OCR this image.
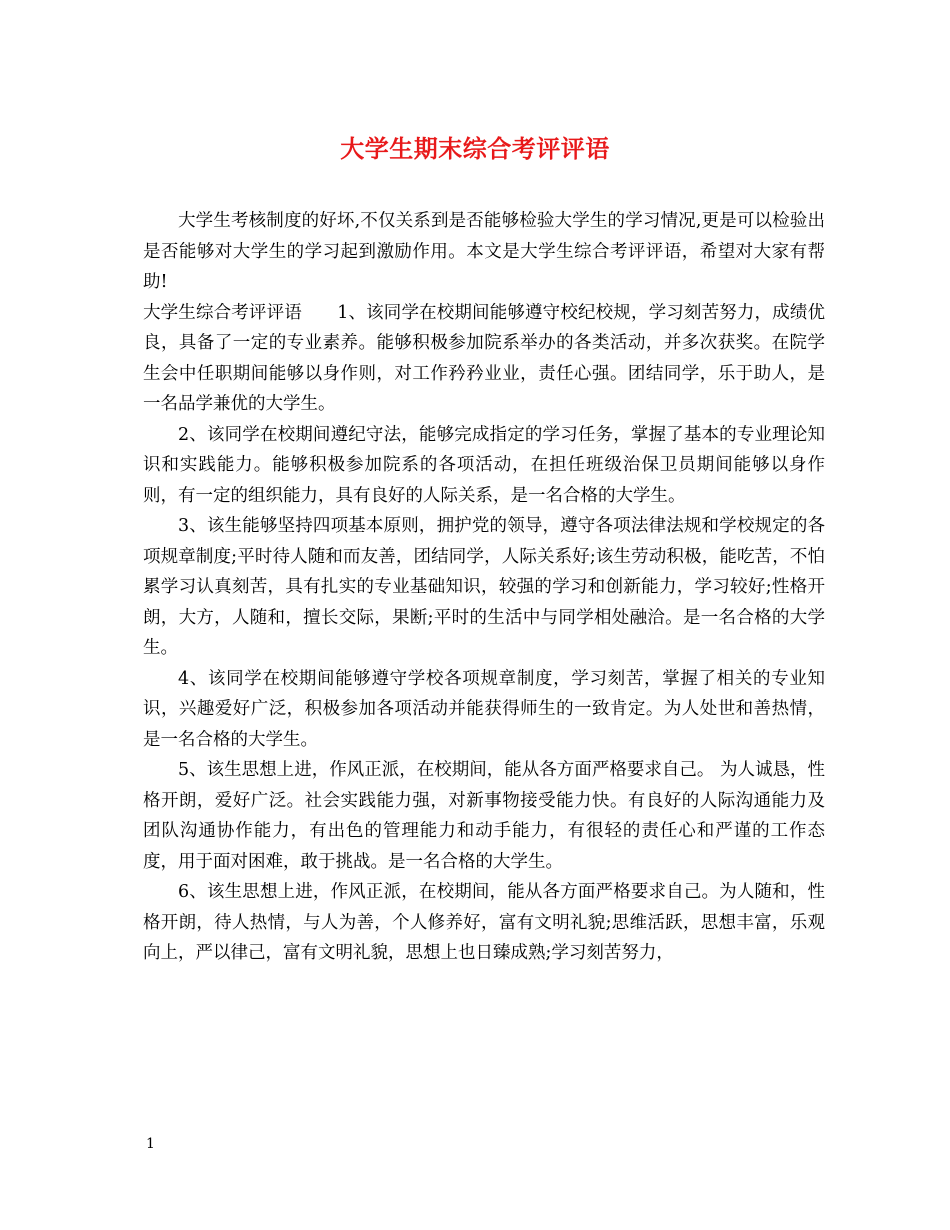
大学生期末综合考评评语

大学生考核制度的好坏,不仅关系到是否能够检验大学生的学习情况,更是可以检验出是否能够对大学生的学习起到激励作用。本文是大学生综合考评评语，希望对大家有帮助!

大学生综合考评评语　　1、该同学在校期间能够遵守校纪校规，学习刻苦努力，成绩优良，具备了一定的专业素养。能够积极参加院系举办的各类活动，并多次获奖。在院学生会中任职期间能够以身作则，对工作矜矜业业，责任心强。团结同学，乐于助人，是一名品学兼优的大学生。

2、该同学在校期间遵纪守法，能够完成指定的学习任务，掌握了基本的专业理论知识和实践能力。能够积极参加院系的各项活动，在担任班级治保卫员期间能够以身作则，有一定的组织能力，具有良好的人际关系，是一名合格的大学生。

3、该生能够坚持四项基本原则，拥护党的领导，遵守各项法律法规和学校规定的各项规章制度;平时待人随和而友善，团结同学，人际关系好;该生劳动积极，能吃苦，不怕累学习认真刻苦，具有扎实的专业基础知识，较强的学习和创新能力，学习较好;性格开朗，大方，人随和，擅长交际，果断;平时的生活中与同学相处融洽。是一名合格的大学生。

4、该同学在校期间能够遵守学校各项规章制度，学习刻苦，掌握了相关的专业知识，兴趣爱好广泛，积极参加各项活动并能获得师生的一致肯定。为人处世和善热情，是一名合格的大学生。

5、该生思想上进，作风正派，在校期间，能从各方面严格要求自己。 为人诚恳，性格开朗，爱好广泛。社会实践能力强，对新事物接受能力快。有良好的人际沟通能力及团队沟通协作能力，有出色的管理能力和动手能力，有很轻的责任心和严谨的工作态度，用于面对困难，敢于挑战。是一名合格的大学生。

6、该生思想上进，作风正派，在校期间，能从各方面严格要求自己。为人随和，性格开朗，待人热情，与人为善，个人修养好，富有文明礼貌;思维活跃，思想丰富，乐观向上，严以律己，富有文明礼貌，思想上也日臻成熟;学习刻苦努力，

1
